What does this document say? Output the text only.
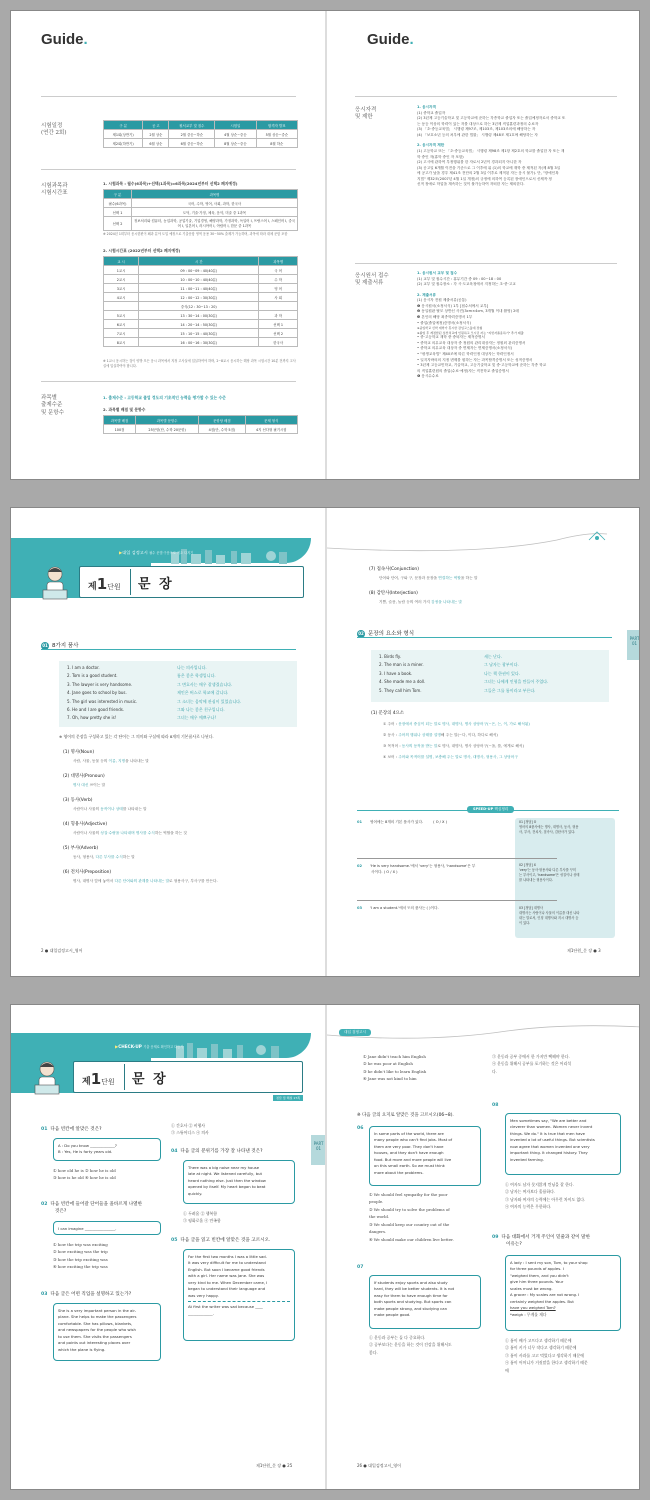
Guide.
시험일정
(연간 2회)
구 분	공 고	원서교부 및 접수	시험일	합격자 발표
제1회(상반기)	2월 상순	2월 중순~하순	4월 상순~중순	5월 상순~중순
제2회(하반기)	6월 상순	6월 중순~하순	8월 상순~중순	8월 하순
시험과목과
시험시간표
1. 시험과목 : 필수(6과목)+선택(1과목)=6과목(2024년부터 선택2 폐지예정)
구 분	과목명
필수(6과목)	국어, 수학, 영어, 사회, 과학, 한국사
선택 1	도덕, 기술·가정, 체육, 음악, 미술 중 1과목
선택 2	정보처리와 컴퓨터, 농업과학, 공업기술, 기업경영, 해양과학, 가정과학, 독일어 I, 프랑스어 I, 스페인어 I, 중국어 I, 일본어 I, 러시아어 I, 아랍어 I, 한문 중 1과목
※ 2024년 1회부터 응시한편이 폐과 분야 도입 예정으로 기출문항 영역 응용 30~50% 출제가 가능하며, 과목에 따라 대체 문항 포함
2. 시험시간표 (2022년부터 선택2 폐지예정)
교 시	시 간	과목명
1교시	09 : 00~09 : 40(40분)	국 어
2교시	10 : 00~10 : 40(40분)	수 학
3교시	11 : 00~11 : 40(40분)	영 어
4교시	12 : 00~12 : 30(30분)	사 회
	중식(12 : 30~13 : 20)	
5교시	13 : 30~14 : 00(30분)	과 학
6교시	14 : 20~14 : 50(30분)	선택 1
7교시	15 : 10~15 : 40(30분)	선택 2
8교시	16 : 00~16 : 30(30분)	한국사
※ 1교시 응시하는 것이 양방 모든 응시 과목에서 지정 고사실에 입실하여야 하며, 2~8교시 응시하는 해당 과목 시험시간 10분 전까지 고사실에 입실하여야 합니다.
과목별
출제수준
및 문항수
1. 출제수준 : 고등학교 졸업 정도의 기초적인 능력을 평가할 수 있는 수준
2. 과목별 배점 및 문항수
과목별 배점	과목별 문항수	문항당 배점	문제 형식
100점	25문항(단, 수학 20문항)	4점(단, 수학 5점)	4지 선다형 필기시험
Guide.
응시자격
및 제한
1. 응시자격
(1) 중학교 졸업자
(2) 3년제 고등기술학교 및 고등학교에 준하는 각종학교 졸업자 또는 졸업예정자로서 중학교 또
는 동등 이상의 학력이 있는 자를 대상으로 하는 3년제 직업훈련과정의 수료자
(3) 「초·중등교육법」 시행령 제97조, 제103조, 제103조의에 해당하는 자
(4) 「보호소년 등의 처우에 관한 법률」 시행령 제48조 제1호에 해당하는 자
2. 응시자격 제한
(1) 고등학교 또는 「초·중등교육법」 시행령 제98조 제1항 제2호의 학교를 졸업한 자 또는 재
학 중인 자(휴학 중인 자 포함)
(2) 고시에 관하여 부정행위를 한 자로서 2년이 경과되지 아니한 자
(3) 공고일 6개월 이전을 기준으로 그 이후에 위 (1)의 학교에 재학 중 제적된 자(제 8월 3일
에 공고가 났을 경우 제41조 전단의 2월 3일 이후로 제적된 자는 응시 불가). 단, "장애인복
지법" 제32조(2007년 4월 1일 개정)의 규정에 의하여 등록된 장애인으로서 신체적·정
신적 장애로 학업을 계속하는 것이 불가능하여 자퇴한 자는 제외한다.
응시원서 접수
및 제출서류
1. 응시원서 교부 및 접수
(1) 교부 및 접수시간 : 휴무기간 중 09 : 00~18 : 00
(2) 교부 및 접수장소 : 각 시·도교육청에서 지정하는 초·중·고교
2. 제출서류
(1) 응시자 전원 제출서류(공통)
❶ 응시원서(소정서식) 1부 [접수처에서 교부]
❷ 동일원판 탈모 상반신 사진(3cm×4cm, 3개월 이내 촬영) 2매
❸ 본인의 해당 최종학력증명서 1부
• 졸업(졸업예정)증명서(소정서식)
※중입학교 신학 재학가 휴시한 감입고스틀예 전형
※졸업 후 계정함된 섬선처교에 인원하고 모시던 자는 "지번자졸용하기" 추가 제출
• 중·고등학교 재학 중 중퇴자는 제적증명서
• 중학교 의무교육 대상자 중 정원의 관리대상자는 정원외 관리증명서
• 중학교 의무교육 대상자 중 면제자는 면제증명서(소정서식)
• "평생교육법" 제40조에 따른 학력인정 대상자는 학력인정서
• 일지자바의의 지정 변제를 원하는 자는 과목합격증명서 또는 성적증명서
• 3년제 고등교민학교, 기술학교, 고등기술학교 및 중·고등학교에 준하는 각종 학교
의 직업훈련원의 졸업(수료·예정)자는 직전학교 졸업증명서
❹ 응시수수료
▶대입 검정고시 필수 문법·구문으로 기초 다지기
제1단원 문 장
01 8가지 품사
1. I am a doctor.	나는 의사입니다.
2. Tom is a good student.	톰은 좋은 학생입니다.
3. The lawyer is very handsome.	그 변호사는 매우 잘생겼습니다.
4. Jane goes to school by bus.	제인은 버스로 학교에 갑니다.
5. The girl was interested in music.	그 소녀는 음악에 관심이 있었습니다.
6. He and I are good friends.	그와 나는 좋은 친구입니다.
7. Oh, how pretty she is!	그녀는 매우 예쁘구나!
※ 영어의 문장을 구성하고 있는 각 단어는 그 의미와 구실에 따라 8개의 기본품사로 나뉜다.
(1) 명사(Noun)
사람, 사물, 동물 등의 이름, 지명을 나타내는 말
(2) 대명사(Pronoun)
명사 대신 쓰이는 말
(3) 동사(Verb)
사람이나 사물의 동작이나 상태를 나타내는 말
(4) 형용사(Adjective)
사람이나 사물의 성질·수량을 나타내며 명사를 수식하는 역할을 하는 것
(5) 부사(Adverb)
동사, 형용사, 다른 부사를 수식하는 말
(6) 전치사(Preposition)
명사, 대명사 앞에 놓여서 다른 단어와의 관계를 나타내는 말로 형용사구, 부사구를 만든다.
2 ● 대입검정고시_영어
(7) 접속사(Conjunction)
단어와 단어, 구와 구, 문장과 문장을 연결하는 역할을 하는 말
(8) 감탄사(Interjection)
기쁨, 슬픔, 놀람 등의 여러 가지 감정을 나타내는 말
02 문장의 요소와 형식
1. Birds fly.	새는 난다.
2. The man is a miner.	그 남자는 광부이다.
3. I have a book.	나는 책 한권이 있다.
4. She made me a doll.	그녀는 나에게 인형을 만들어 주었다.
5. They call him Tom.	그들은 그를 톰이라고 부른다.
(1) 문장의 4요소
① 주어 : 문장에서 중심이 되는 말로 명사, 대명사, 명사 상당어구(~은, 는, 이, 가로 해석됨)
② 동사 : 주어의 행위나 상태를 설명해 주는 말(~다, 이다, 하다로 해석)
③ 목적어 : 동사의 동작을 받는 말로 명사, 대명사, 명사 상당어구(~을, 를, 에게로 해석)
④ 보어 : 주어와 목적어를 설명, 보충해 주는 말로 명사, 대명사, 형용사, 그 상당어구
SPEED-UP 핵심정리
01 영어에는 8개의 기본 품사가 있다.	( O / X )	01 [정답] O
영어의 8품사에는 명사, 대명사, 동사, 형용
사, 부사, 전치사, 접속사, 감탄사가 있다.
02 'He is very handsome.'에서 'very'는 형용사, 'handsome'은 부
사이다. ( O / X )
02 [정답] X
'very'는 동사·형용사와 다른 부사를 꾸미
는 부사이고, 'handsome'은 성질이나 상태
를 나타내는 형용사이다.
03 'I am a student.'에서 'I'의 품사는 ( )이다.	03 [정답] 대명사
대명사는 사람이나 사물의 이름을 대신 나타
내는 말로서, 인칭 대명사와 지시 대명사 등
이 있다.
PART 01
제1단원_문 장 ● 3
▶CHECK-UP 기출 문제로 확인하고 다듬기
제1단원 문 장
정답 및 해설 17쪽
01 다음 빈칸에 알맞은 것은?
A : Do you know _____________?
B : Yes, He is forty years old.
① how old he is ② how he is old
③ how is he old ④ how he is old
02 다음 빈칸에 들어갈 단어들을 올바르게 나열한
것은?
I can imagine ________________.
① how the trip was exciting
② how exciting was the trip
③ how the trip exciting was
④ how exciting the trip was
03 다음 글은 어떤 직업을 설명하고 있는가?
She is a very important person in the air-
plane. She helps to make the passengers
comfortable. She has pillows, blankets,
and newspapers for the people who wish
to use them. She visits the passengers
and points out interesting places over
which the plane is flying.
① 간호사 ② 비행사
③ 스튜어디스 ④ 의사
04 다음 글의 분위기를 가장 잘 나타낸 것은?
There was a big noise near my house
late at night. We listened carefully, but
heard nothing else. Just then the window
opened by itself. My heart began to beat
quickly.
① 두려움 ② 행복함
③ 평화로움 ④ 만족함
05 다음 글을 읽고 빈칸에 알맞은 것을 고르시오.
For the first two months I was a little sad.
It was very difficult for me to understand
English. But soon I became good friends
with a girl. Her name was Jane. She was
very kind to me. When December came, I
began to understand their language and
was very happy.
At first the writer was sad because ____
_____________.
PART 01
제1단원_문 장 ● 25
대입 검정고시
① Jane didn't teach him English
② he was poor at English
③ he didn't like to learn English
④ Jane was not kind to him
※ 다음 글의 요지로 알맞은 것을 고르시오(06~8).
06
In some parts of the world, there are
many people who can't find jobs. Most of
them are very poor. They don't have
houses, and they don't have enough
food. But more and more people will live
on this small earth. So we must think
more about the problems.
① We should feel sympathy for the poor
people.
② We should try to solve the problems of
the world.
③ We should keep our country out of the
dangers.
④ We should make our children live better.
07
If students enjoy sports and also study
hard, they will be better students. It is not
easy for them to have enough time for
both sports and studying. But sports can
make people strong, and studying can
make people good.
① 운동과 공부는 둘 다 중요하다.
② 공부보다는 운동을 하는 것이 건강을 위해서도
좋다.
③ 운동과 공부 중에서 한 가지만 택해야 한다.
④ 운동을 위해서 공부를 포기하는 것은 어리석
다.
08
Men sometimes say, "We are better and
cleverer than women. Women never invent
things. We do." It is true that men have
invented a lot of useful things. But scientists
now agree that women invented one very
important thing. It changed history. They
invented farming.
① 여자도 남자 못지않게 컨닝을 잘 한다.
② 남자는 여자보다 훌륭하다.
③ 남자와 여자의 능력에는 아무런 차이도 없다.
④ 여자의 능력은 무한하다.
09 다음 대화에서 거게 주인이 밑줄과 같이 말한
이유는?
A lady : I sent my son, Tom, to your shop
for three pounds of apples. I
"weighed them, and you didn't
give him three pounds. Your
scales must be wrong.
A grocer : My scales are not wrong. I
certainly weighed the apples. But
have you weighed Tom?
*weigh : 무게를 재다
① 톰이 배가 고프다고 생각하기 때문에
② 톰이 키가 너무 작다고 생각하기 때문에
③ 톰이 사과를 고고 먹었다고 생각하기 때문에
④ 톰이 어머니가 거짓말을 한다고 생각하기 때문
에
26 ● 대입검정고시_영어
